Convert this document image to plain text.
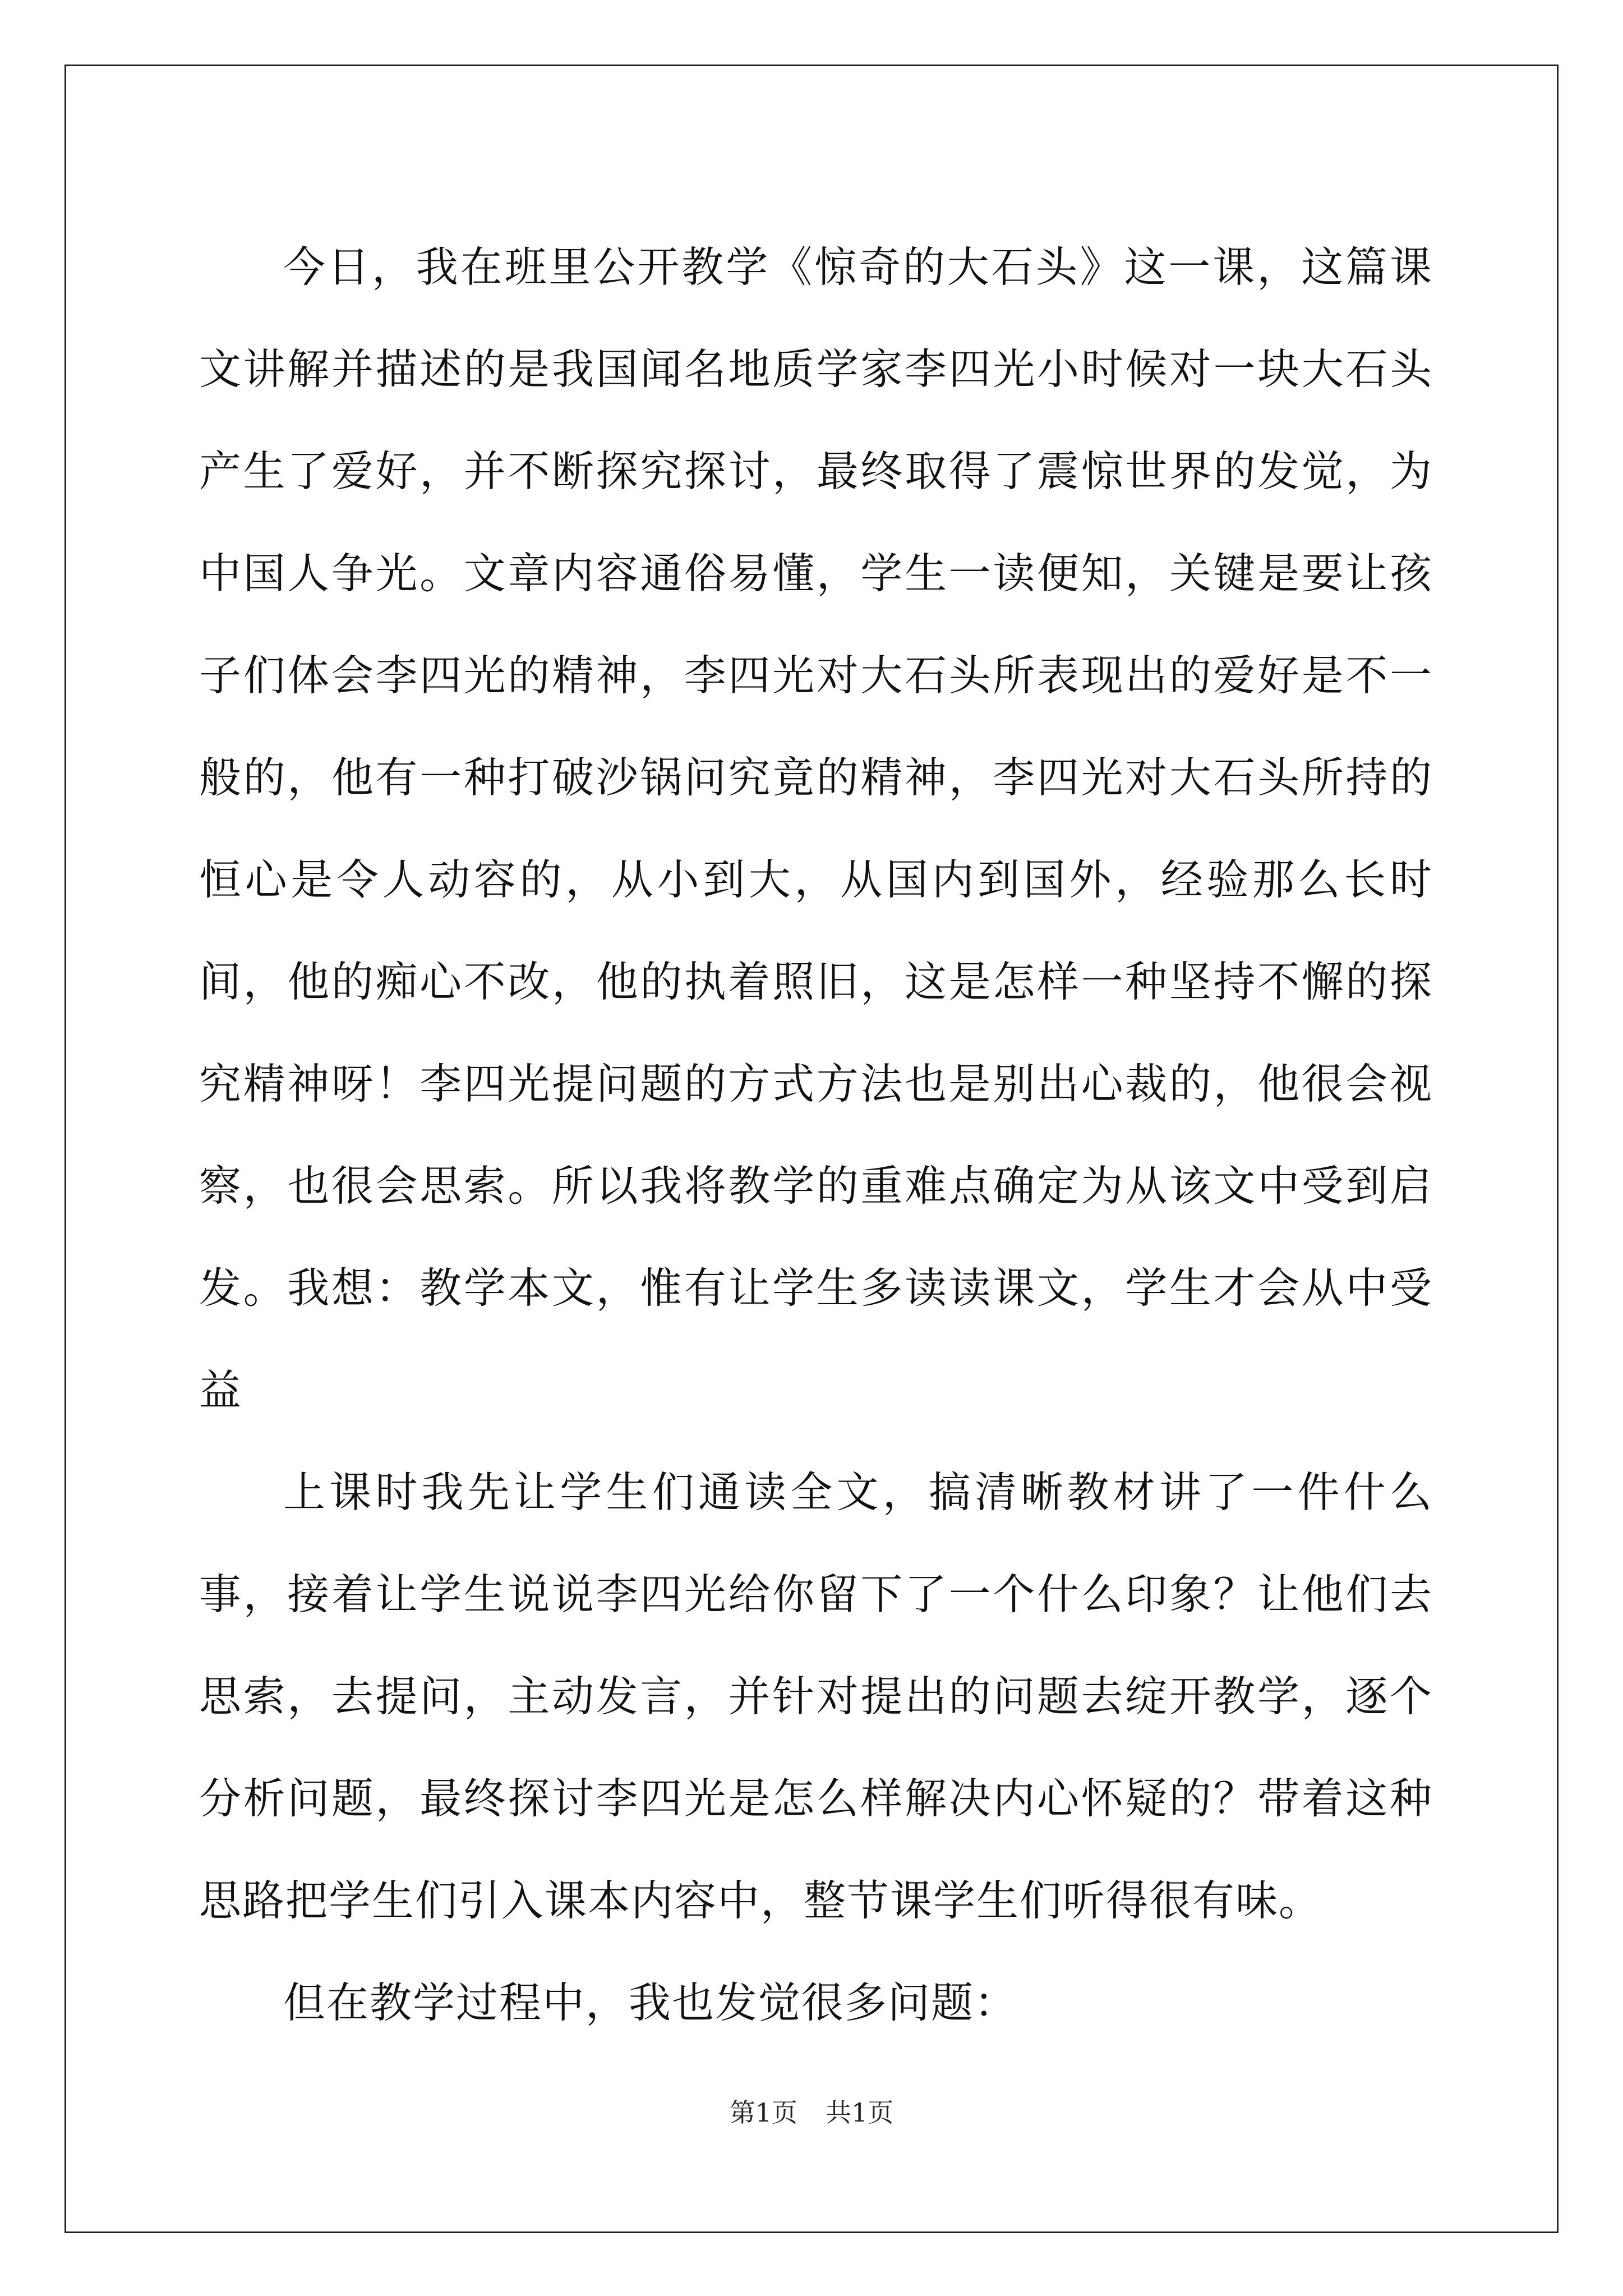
今日，我在班里公开教学《惊奇的大石头》这一课，这篇课文讲解并描述的是我国闻名地质学家李四光小时候对一块大石头产生了爱好，并不断探究探讨，最终取得了震惊世界的发觉，为中国人争光。文章内容通俗易懂，学生一读便知，关键是要让孩子们体会李四光的精神，李四光对大石头所表现出的爱好是不一般的，他有一种打破沙锅问究竟的精神，李四光对大石头所持的恒心是令人动容的，从小到大，从国内到国外，经验那么长时间，他的痴心不改，他的执着照旧，这是怎样一种坚持不懈的探究精神呀！李四光提问题的方式方法也是别出心裁的，他很会视察，也很会思索。所以我将教学的重难点确定为从该文中受到启发。我想：教学本文，惟有让学生多读读课文，学生才会从中受益

上课时我先让学生们通读全文，搞清晰教材讲了一件什么事，接着让学生说说李四光给你留下了一个什么印象？让他们去思索，去提问，主动发言，并针对提出的问题去绽开教学，逐个分析问题，最终探讨李四光是怎么样解决内心怀疑的？带着这种思路把学生们引入课本内容中，整节课学生们听得很有味。

但在教学过程中，我也发觉很多问题：

第1页 共1页
